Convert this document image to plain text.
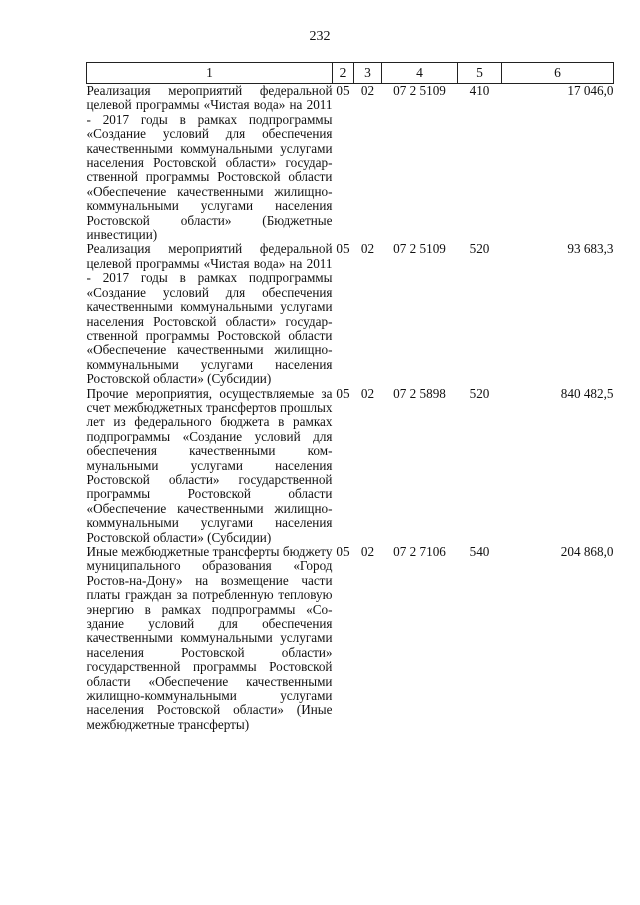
232
1	2	3	4	5	6
Реализация мероприятий федеральной целевой программы «Чистая вода» на 2011 - 2017 годы в рамках подпрограммы «Создание условий для обеспечения качественными коммунальными услугами населения Ростовской области» государственной программы Ростовской области «Обеспечение качественными жилищно-коммунальными услугами населения Ростовской области» (Бюджетные инвестиции)	05	02	07 2 5109	410	17 046,0
Реализация мероприятий федеральной целевой программы «Чистая вода» на 2011 - 2017 годы в рамках подпрограммы «Создание условий для обеспечения качественными коммунальными услугами населения Ростовской области» государственной программы Ростовской области «Обеспечение качественными жилищно-коммунальными услугами населения Ростовской области» (Субсидии)	05	02	07 2 5109	520	93 683,3
Прочие мероприятия, осуществляемые за счет межбюджетных трансфертов прошлых лет из федерального бюджета в рамках подпрограммы «Создание условий для обеспечения качественными коммунальными услугами населения Ростовской области» государственной программы Ростовской области «Обеспечение качественными жилищно-коммунальными услугами населения Ростовской области» (Субсидии)	05	02	07 2 5898	520	840 482,5
Иные межбюджетные трансферты бюджету муниципального образования «Город Ростов-на-Дону» на возмещение части платы граждан за потребленную тепловую энергию в рамках подпрограммы «Создание условий для обеспечения качественными коммунальными услугами населения Ростовской области» государственной программы Ростовской области «Обеспечение качественными жилищно-коммунальными услугами населения Ростовской области» (Иные межбюджетные трансферты)	05	02	07 2 7106	540	204 868,0
